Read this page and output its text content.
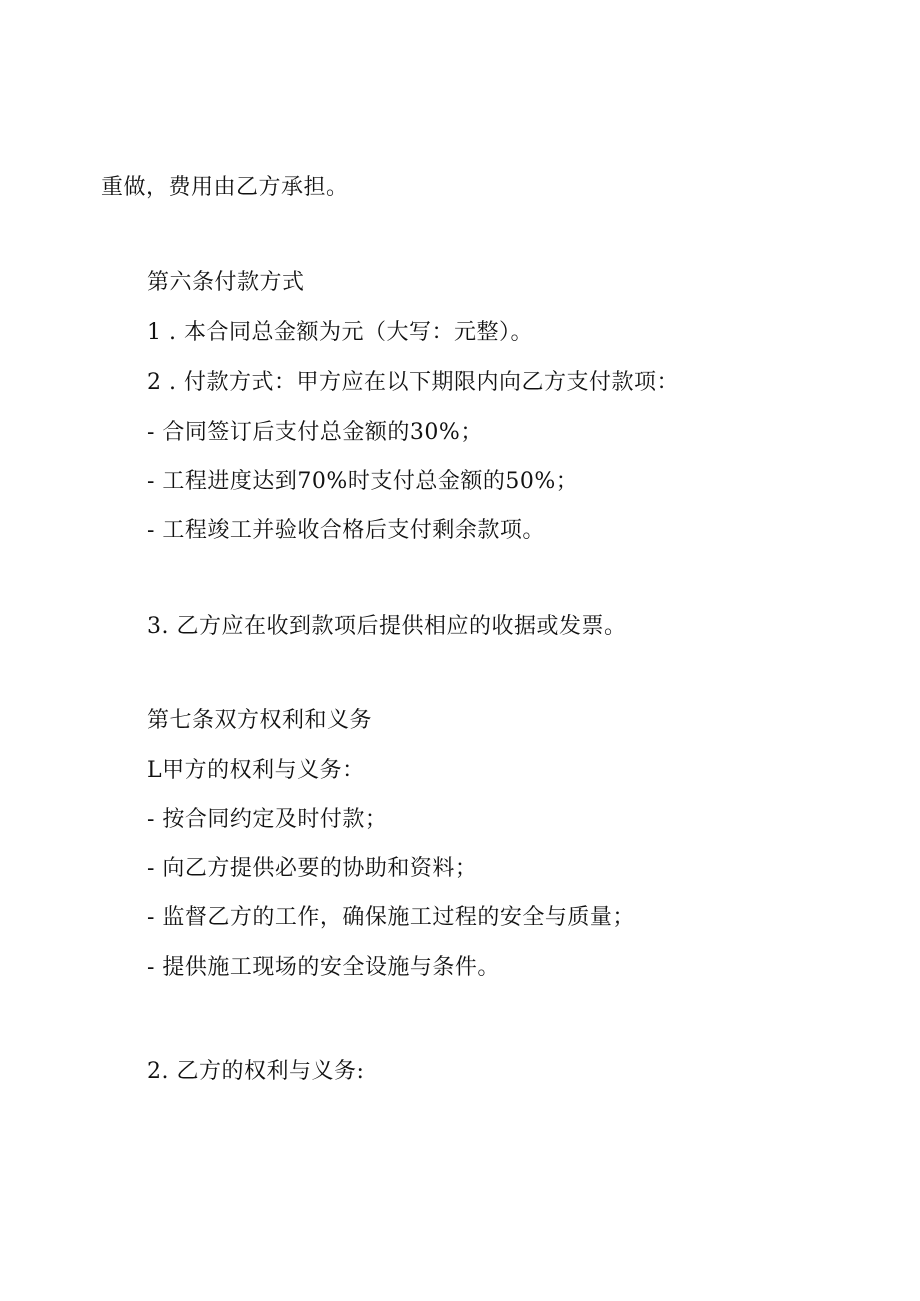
重做，费用由乙方承担。
第六条付款方式
1 . 本合同总金额为元（大写：元整）。
2 . 付款方式：甲方应在以下期限内向乙方支付款项：
- 合同签订后支付总金额的30%；
- 工程进度达到70%时支付总金额的50%；
- 工程竣工并验收合格后支付剩余款项。
3. 乙方应在收到款项后提供相应的收据或发票。
第七条双方权利和义务
L甲方的权利与义务：
- 按合同约定及时付款；
- 向乙方提供必要的协助和资料；
- 监督乙方的工作，确保施工过程的安全与质量；
- 提供施工现场的安全设施与条件。
2. 乙方的权利与义务:
